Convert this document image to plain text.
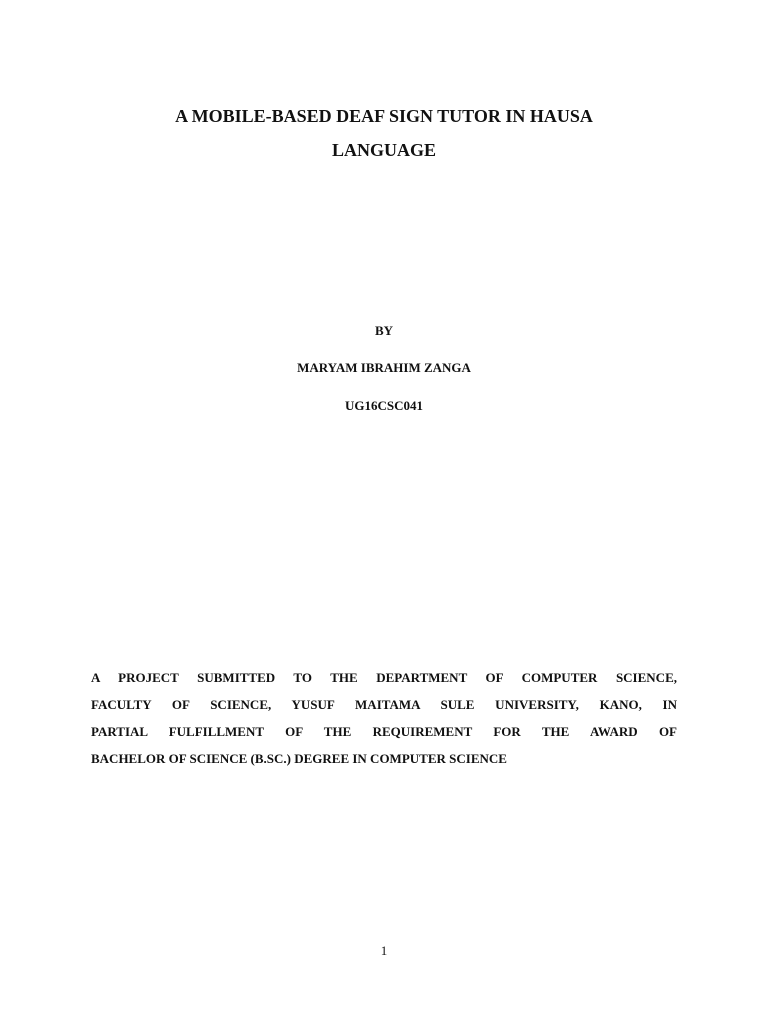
A MOBILE-BASED DEAF SIGN TUTOR IN HAUSA
LANGUAGE

BY

MARYAM IBRAHIM ZANGA

UG16CSC041

A PROJECT SUBMITTED TO THE DEPARTMENT OF COMPUTER SCIENCE,
FACULTY OF SCIENCE, YUSUF MAITAMA SULE UNIVERSITY, KANO, IN
PARTIAL FULFILLMENT OF THE REQUIREMENT FOR THE AWARD OF
BACHELOR OF SCIENCE (B.SC.) DEGREE IN COMPUTER SCIENCE

1
